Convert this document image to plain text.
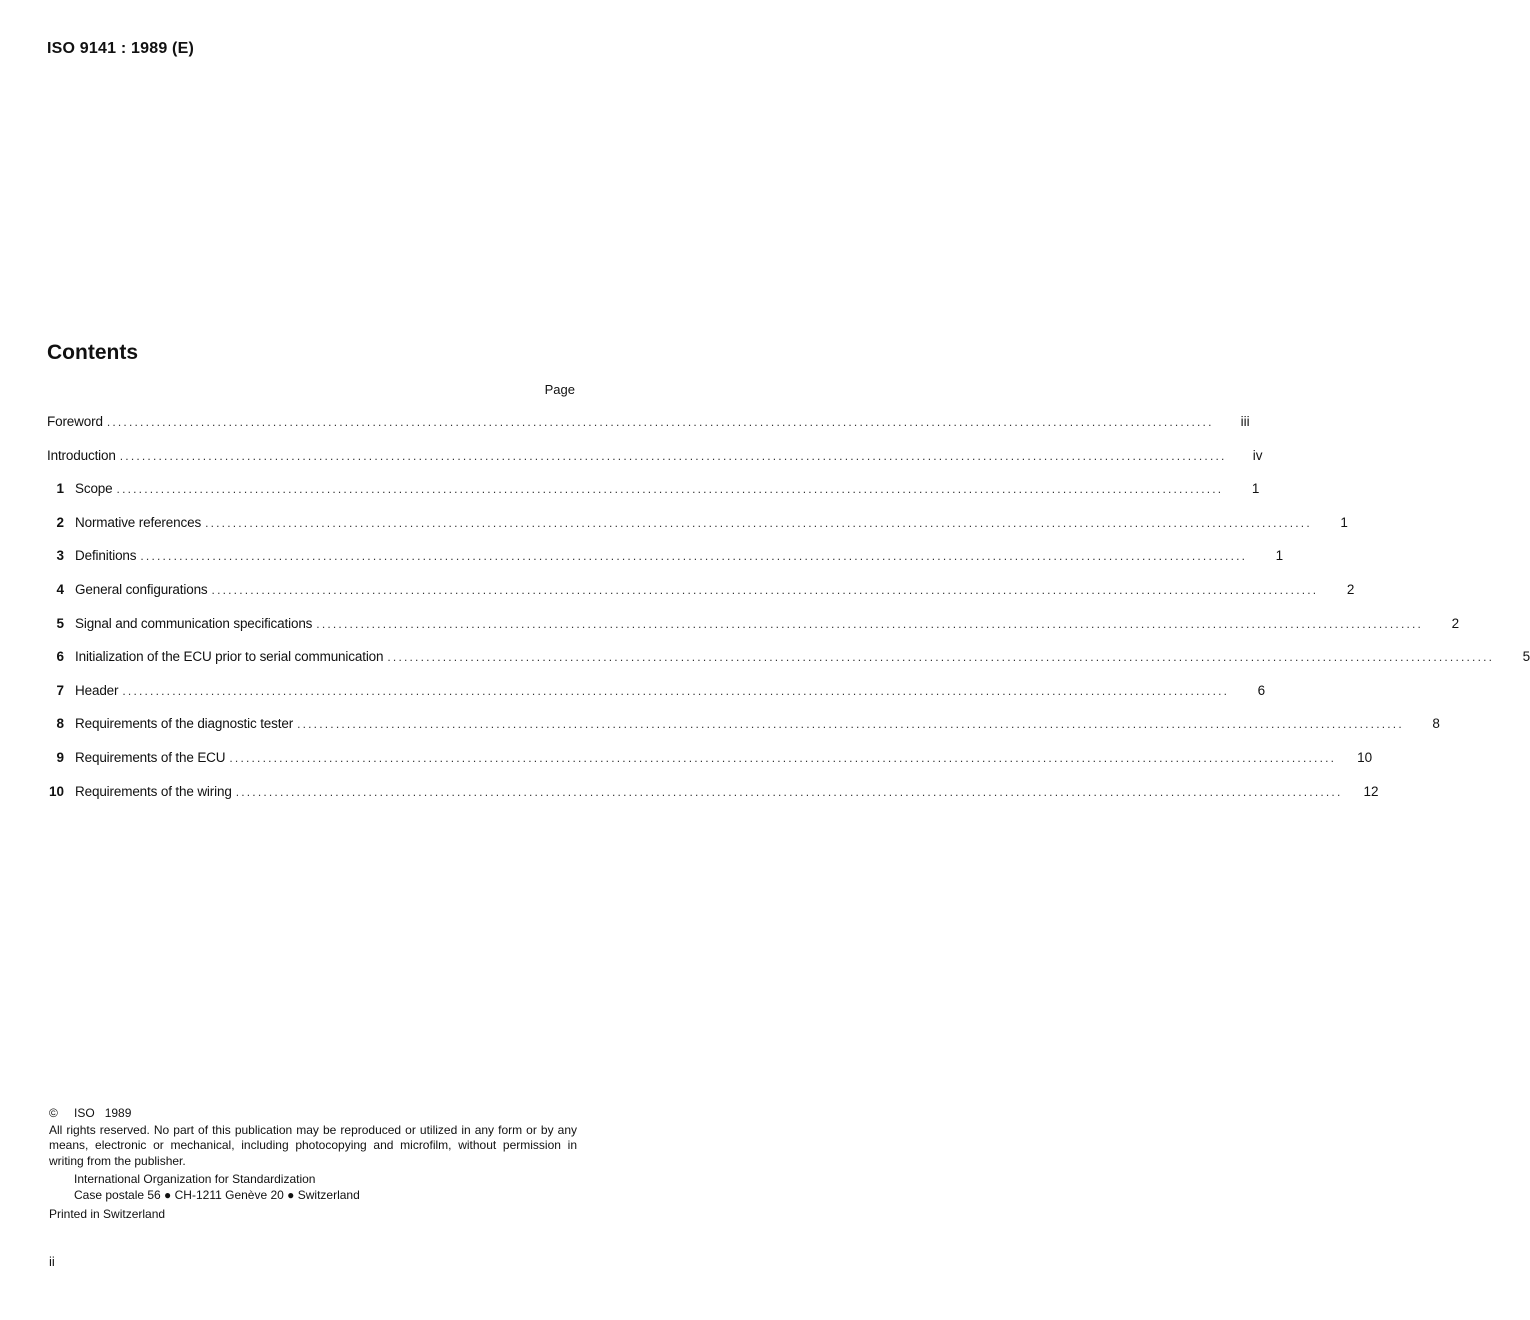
ISO 9141 : 1989 (E)
Contents
Page
Foreword ........................................................................................................................................................................................................	iii
Introduction ........................................................................................................................................................................................................	iv
1 Scope ........................................................................................................................................................................................................	1
2 Normative references ........................................................................................................................................................................................................	1
3 Definitions ........................................................................................................................................................................................................	1
4 General configurations ........................................................................................................................................................................................................	2
5 Signal and communication specifications ........................................................................................................................................................................................................	2
6 Initialization of the ECU prior to serial communication ........................................................................................................................................................................................................	5
7 Header ........................................................................................................................................................................................................	6
8 Requirements of the diagnostic tester ........................................................................................................................................................................................................	8
9 Requirements of the ECU ........................................................................................................................................................................................................	10
10 Requirements of the wiring ........................................................................................................................................................................................................	12
© ISO 1989
All rights reserved. No part of this publication may be reproduced or utilized in any form or by any means, electronic or mechanical, including photocopying and microfilm, without permission in writing from the publisher.
International Organization for Standardization
Case postale 56 ● CH-1211 Genève 20 ● Switzerland
Printed in Switzerland
ii
